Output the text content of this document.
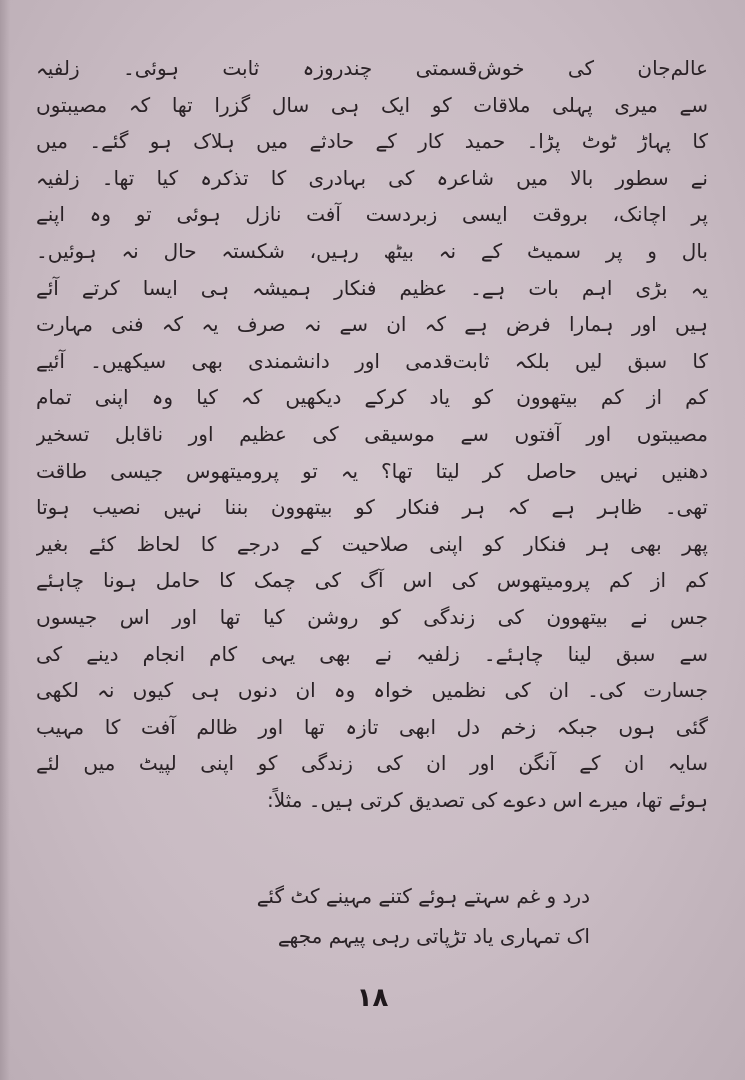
عالم‌جان کی خوش‌قسمتی چندروزہ ثابت ہوئی۔ زلفیہ
سے میری پہلی ملاقات کو ایک ہی سال گزرا تھا کہ مصیبتوں
کا پہاڑ ٹوٹ پڑا۔ حمید کار کے حادثے میں ہلاک ہو گئے۔ میں
نے سطور بالا میں شاعرہ کی بہادری کا تذکرہ کیا تھا۔ زلفیہ
پر اچانک، بروقت ایسی زبردست آفت نازل ہوئی تو وہ اپنے
بال و پر سمیٹ کے نہ بیٹھ رہیں، شکستہ حال نہ ہوئیں۔
یہ بڑی اہم بات ہے۔ عظیم فنکار ہمیشہ ہی ایسا کرتے آئے
ہیں اور ہمارا فرض ہے کہ ان سے نہ صرف یہ کہ فنی مہارت
کا سبق لیں بلکہ ثابت‌قدمی اور دانشمندی بھی سیکھیں۔ آئیے
کم از کم بیتھوون کو یاد کرکے دیکھیں کہ کیا وہ اپنی تمام
مصیبتوں اور آفتوں سے موسیقی کی عظیم اور ناقابل تسخیر
دھنیں نہیں حاصل کر لیتا تھا؟ یہ تو پرومیتھوس جیسی طاقت
تھی۔ ظاہر ہے کہ ہر فنکار کو بیتھوون بننا نہیں نصیب ہوتا
پھر بھی ہر فنکار کو اپنی صلاحیت کے درجے کا لحاظ کئے بغیر
کم از کم پرومیتھوس کی اس آگ کی چمک کا حامل ہونا چاہئے
جس نے بیتھوون کی زندگی کو روشن کیا تھا اور اس جیسوں
سے سبق لینا چاہئے۔ زلفیہ نے بھی یہی کام انجام دینے کی
جسارت کی۔ ان کی نظمیں خواہ وہ ان دنوں ہی کیوں نہ لکھی
گئی ہوں جبکہ زخم دل ابھی تازہ تھا اور ظالم آفت کا مہیب
سایہ ان کے آنگن اور ان کی زندگی کو اپنی لپیٹ میں لئے
ہوئے تھا، میرے اس دعوے کی تصدیق کرتی ہیں۔ مثلاً:
درد و غم سہتے ہوئے کتنے مہینے کٹ گئے
اک تمہاری یاد تڑپاتی رہی پیہم مجھے
۱۸
